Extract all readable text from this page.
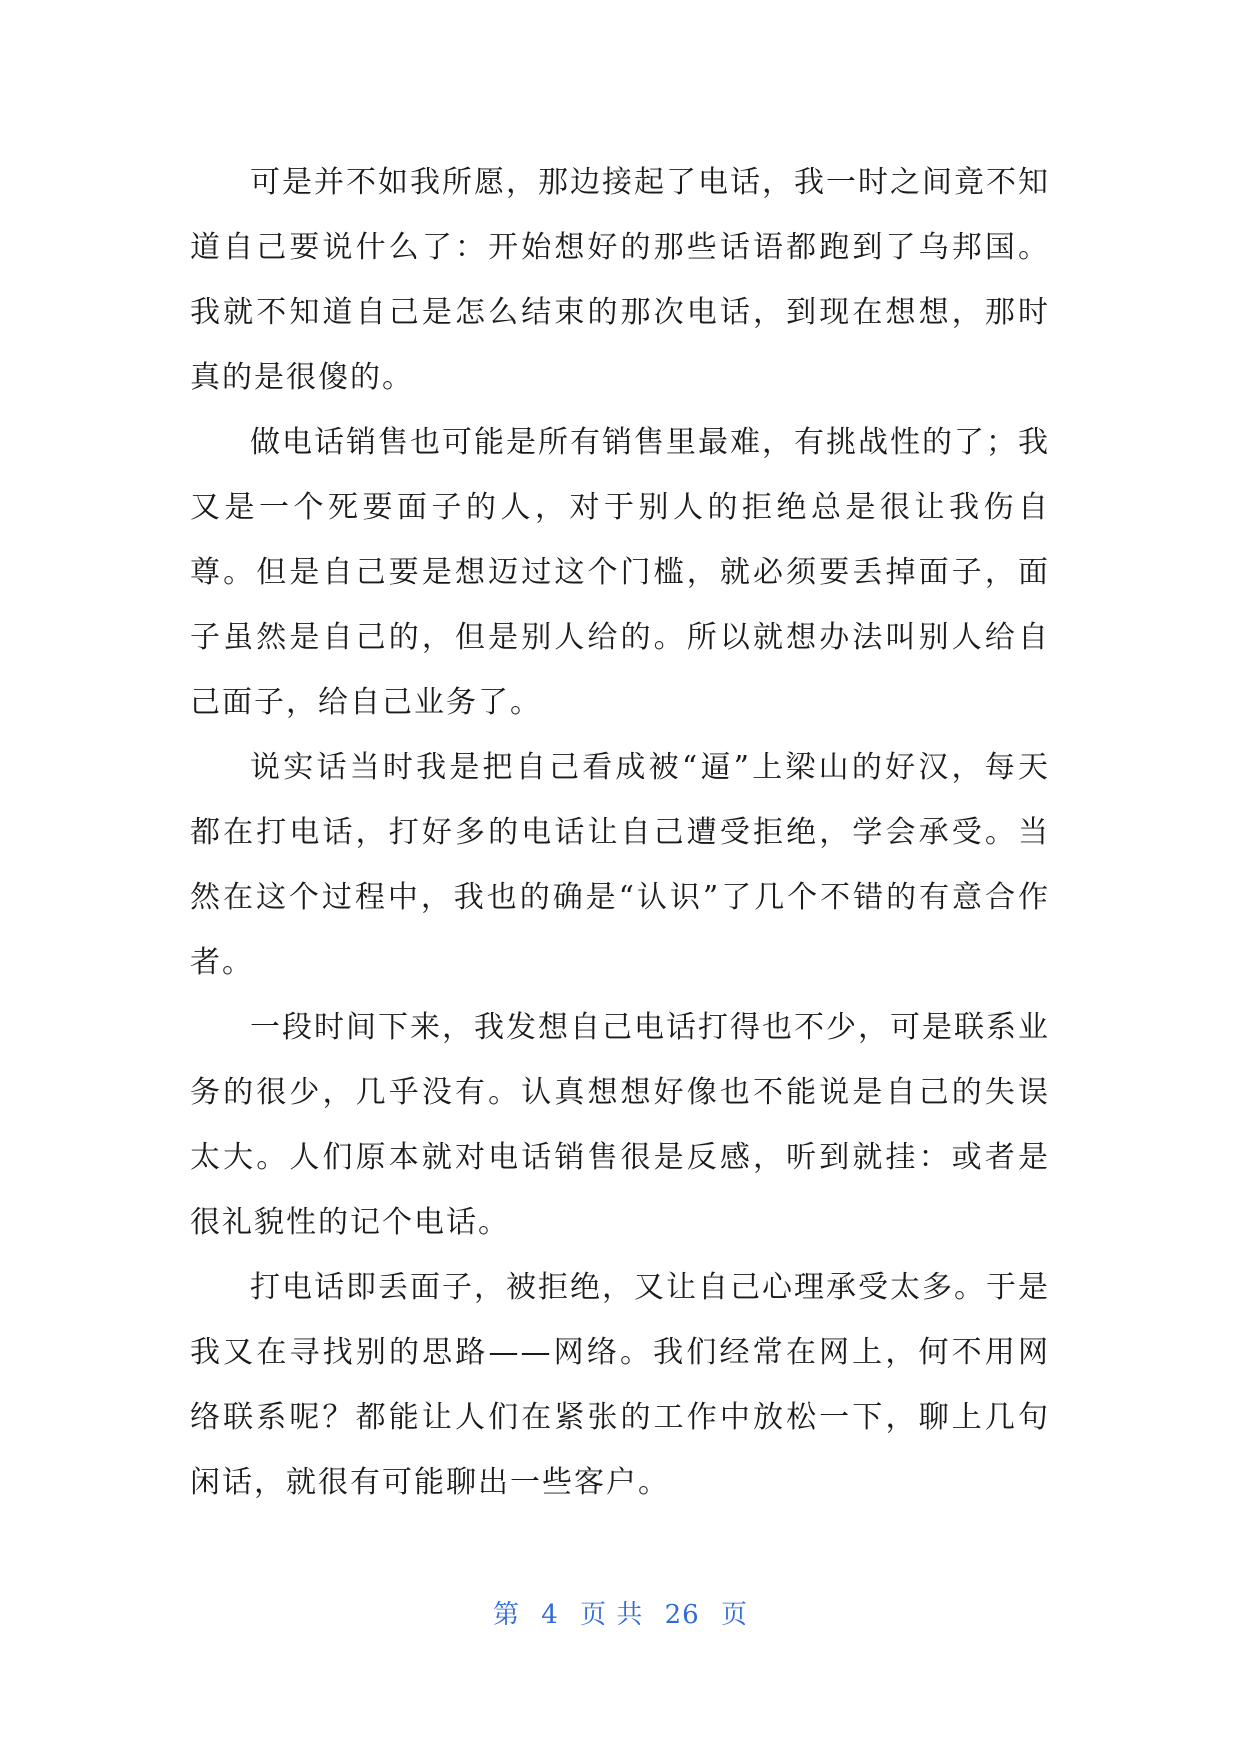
可是并不如我所愿，那边接起了电话，我一时之间竟不知道自己要说什么了：开始想好的那些话语都跑到了乌邦国。我就不知道自己是怎么结束的那次电话，到现在想想，那时真的是很傻的。

做电话销售也可能是所有销售里最难，有挑战性的了；我又是一个死要面子的人，对于别人的拒绝总是很让我伤自尊。但是自己要是想迈过这个门槛，就必须要丢掉面子，面子虽然是自己的，但是别人给的。所以就想办法叫别人给自己面子，给自己业务了。

说实话当时我是把自己看成被“逼”上梁山的好汉，每天都在打电话，打好多的电话让自己遭受拒绝，学会承受。当然在这个过程中，我也的确是“认识”了几个不错的有意合作者。

一段时间下来，我发想自己电话打得也不少，可是联系业务的很少，几乎没有。认真想想好像也不能说是自己的失误太大。人们原本就对电话销售很是反感，听到就挂：或者是很礼貌性的记个电话。

打电话即丢面子，被拒绝，又让自己心理承受太多。于是我又在寻找别的思路——网络。我们经常在网上，何不用网络联系呢？都能让人们在紧张的工作中放松一下，聊上几句闲话，就很有可能聊出一些客户。

第 4 页 共 26 页
